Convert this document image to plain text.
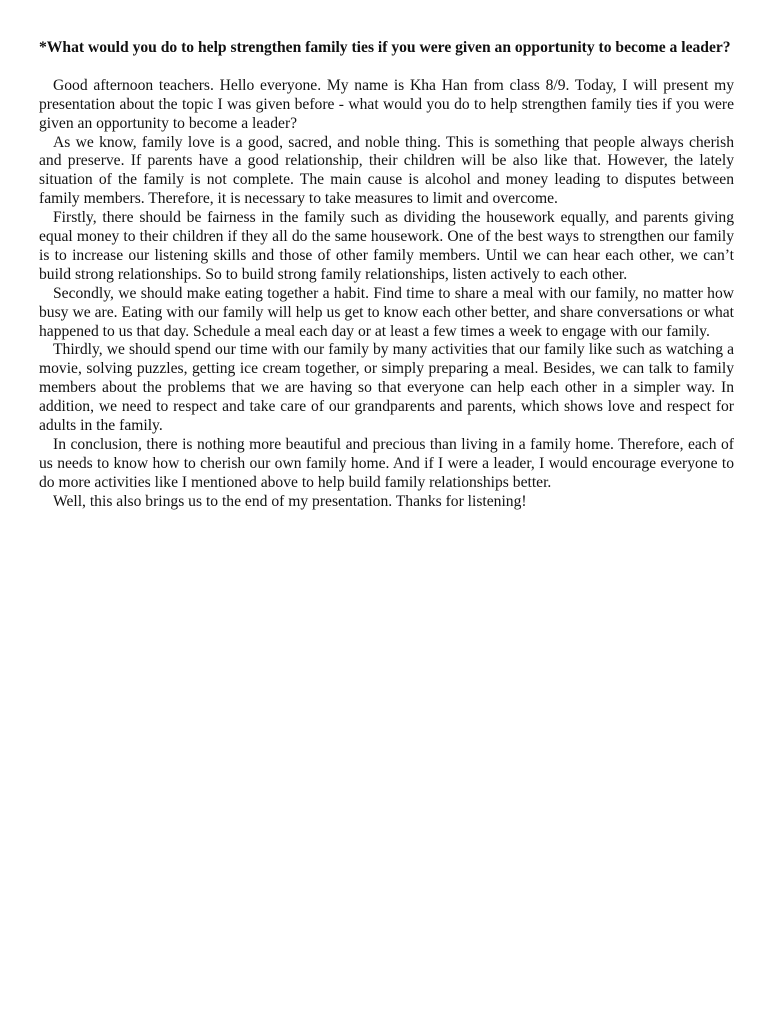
*What would you do to help strengthen family ties if you were given an opportunity to become a leader?

Good afternoon teachers. Hello everyone. My name is Kha Han from class 8/9. Today, I will present my presentation about the topic I was given before - what would you do to help strengthen family ties if you were given an opportunity to become a leader?

As we know, family love is a good, sacred, and noble thing. This is something that people always cherish and preserve. If parents have a good relationship, their children will be also like that. However, the lately situation of the family is not complete. The main cause is alcohol and money leading to disputes between family members. Therefore, it is necessary to take measures to limit and overcome.

Firstly, there should be fairness in the family such as dividing the housework equally, and parents giving equal money to their children if they all do the same housework. One of the best ways to strengthen our family is to increase our listening skills and those of other family members. Until we can hear each other, we can’t build strong relationships. So to build strong family relationships, listen actively to each other.

Secondly, we should make eating together a habit. Find time to share a meal with our family, no matter how busy we are. Eating with our family will help us get to know each other better, and share conversations or what happened to us that day. Schedule a meal each day or at least a few times a week to engage with our family.

Thirdly, we should spend our time with our family by many activities that our family like such as watching a movie, solving puzzles, getting ice cream together, or simply preparing a meal. Besides, we can talk to family members about the problems that we are having so that everyone can help each other in a simpler way. In addition, we need to respect and take care of our grandparents and parents, which shows love and respect for adults in the family.

In conclusion, there is nothing more beautiful and precious than living in a family home. Therefore, each of us needs to know how to cherish our own family home. And if I were a leader, I would encourage everyone to do more activities like I mentioned above to help build family relationships better.

Well, this also brings us to the end of my presentation. Thanks for listening!
